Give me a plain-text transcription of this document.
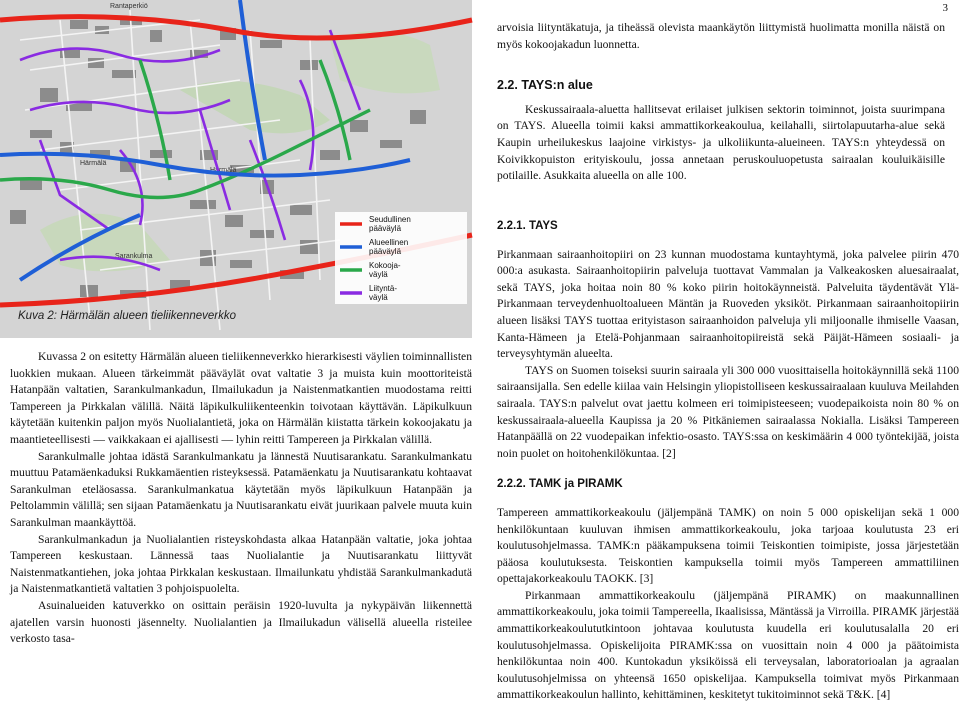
3
Rantaperkiö
Härmälä
Härmälä
Sarankulma
Seudullinen
pääväylä
Alueellinen
pääväylä
Kokooja-
väylä
Liityntä-
väylä
Kuva 2: Härmälän alueen tieliikenneverkko

Kuvassa 2 on esitetty Härmälän alueen tieliikenneverkko hierarkisesti väylien toiminnallisten luokkien mukaan. Alueen tärkeimmät pääväylät ovat valtatie 3 ja muista kuin moottoriteistä Hatanpään valtatien, Sarankulmankadun, Ilmailukadun ja Naistenmatkantien muodostama reitti Tampereen ja Pirkkalan välillä. Näitä läpikulkuliikenteenkin toivotaan käyttävän. Läpikulkuun käytetään kuitenkin paljon myös Nuolialantietä, joka on Härmälän kiistatta tärkein kokoojakatu ja maantieteellisesti — vaikkakaan ei ajallisesti — lyhin reitti Tampereen ja Pirkkalan välillä.

Sarankulmalle johtaa idästä Sarankulmankatu ja lännestä Nuutisarankatu. Sarankulmankatu muuttuu Patamäenkaduksi Rukkamäentien risteyksessä. Patamäenkatu ja Nuutisarankatu kohtaavat Sarankulman eteläosassa. Sarankulmankatua käytetään myös läpikulkuun Hatanpään ja Peltolammin välillä; sen sijaan Patamäenkatu ja Nuutisarankatu eivät juurikaan palvele muuta kuin Sarankulman maankäyttöä.

Sarankulmankadun ja Nuolialantien risteyskohdasta alkaa Hatanpään valtatie, joka johtaa Tampereen keskustaan. Lännessä taas Nuolialantie ja Nuutisarankatu liittyvät Naistenmatkantiehen, joka johtaa Pirkkalan keskustaan. Ilmailunkatu yhdistää Sarankulmankadutä ja Naistenmatkantietä valtatien 3 pohjoispuolelta.

Asuinalueiden katuverkko on osittain peräisin 1920-luvulta ja nykypäivän liikennettä ajatellen varsin huonosti jäsennelty. Nuolialantien ja Ilmailukadun välisellä alueella risteilee verkosto tasa-

arvoisia liityntäkatuja, ja tiheässä olevista maankäytön liittymistä huolimatta monilla näistä on myös kokoojakadun luonnetta.

2.2. TAYS:n alue

Keskussairaala-aluetta hallitsevat erilaiset julkisen sektorin toiminnot, joista suurimpana on TAYS. Alueella toimii kaksi ammattikorkeakoulua, keilahalli, siirtolapuutarha-alue sekä Kaupin urheilukeskus laajoine virkistys- ja ulkoliikunta-alueineen. TAYS:n yhteydessä on Koivikkopuiston erityiskoulu, jossa annetaan peruskouluopetusta sairaalan kouluikäisille potilaille. Asukkaita alueella on alle 100.

2.2.1. TAYS

Pirkanmaan sairaanhoitopiiri on 23 kunnan muodostama kuntayhtymä, joka palvelee piirin 470 000:a asukasta. Sairaanhoitopiirin palveluja tuottavat Vammalan ja Valkeakosken aluesairaalat, sekä TAYS, joka hoitaa noin 80 % koko piirin hoitokäynneistä. Palveluita täydentävät Ylä-Pirkanmaan terveydenhuoltoalueen Mäntän ja Ruoveden yksiköt. Pirkanmaan sairaanhoitopiirin alueen lisäksi TAYS tuottaa erityistason sairaanhoidon palveluja yli miljoonalle ihmiselle Vaasan, Kanta-Hämeen ja Etelä-Pohjanmaan sairaanhoitopiireistä sekä Päijät-Hämeen sosiaali- ja terveysyhtymän alueelta.

TAYS on Suomen toiseksi suurin sairaala yli 300 000 vuosittaisella hoitokäynnillä sekä 1100 sairaansijalla. Sen edelle kiilaa vain Helsingin yliopistolliseen keskussairaalaan kuuluva Meilahden sairaala. TAYS:n palvelut ovat jaettu kolmeen eri toimipisteeseen; vuodepaikoista noin 80 % on keskussairaala-alueella Kaupissa ja 20 % Pitkäniemen sairaalassa Nokialla. Lisäksi Tampereen Hatanpäällä on 22 vuodepaikan infektio-osasto. TAYS:ssa on keskimäärin 4 000 työntekijää, joista noin puolet on hoitohenkilökuntaa. [2]

2.2.2. TAMK ja PIRAMK

Tampereen ammattikorkeakoulu (jäljempänä TAMK) on noin 5 000 opiskelijan sekä 1 000 henkilökuntaan kuuluvan ihmisen ammattikorkeakoulu, joka tarjoaa koulutusta 23 eri koulutusohjelmassa. TAMK:n pääkampuksena toimii Teiskontien toimipiste, jossa järjestetään pääosa koulutuksesta. Teiskontien kampuksella toimii myös Tampereen ammattiliinen opettajakorkeakoulu TAOKK. [3]

Pirkanmaan ammattikorkeakoulu (jäljempänä PIRAMK) on maakunnallinen ammattikorkeakoulu, joka toimii Tampereella, Ikaalisissa, Mäntässä ja Virroilla. PIRAMK järjestää ammattikorkeakoulututkintoon johtavaa koulutusta kuudella eri koulutusalalla 20 eri koulutusohjelmassa. Opiskelijoita PIRAMK:ssa on vuosittain noin 4 000 ja päätoimista henkilökuntaa noin 400. Kuntokadun yksiköissä eli terveysalan, laboratorioalan ja agraalan koulutusohjelmissa on yhteensä 1650 opiskelijaa. Kampuksella toimivat myös Pirkanmaan ammattikorkeakoulun hallinto, kehittäminen, keskitetyt tukitoiminnot sekä T&K. [4]
